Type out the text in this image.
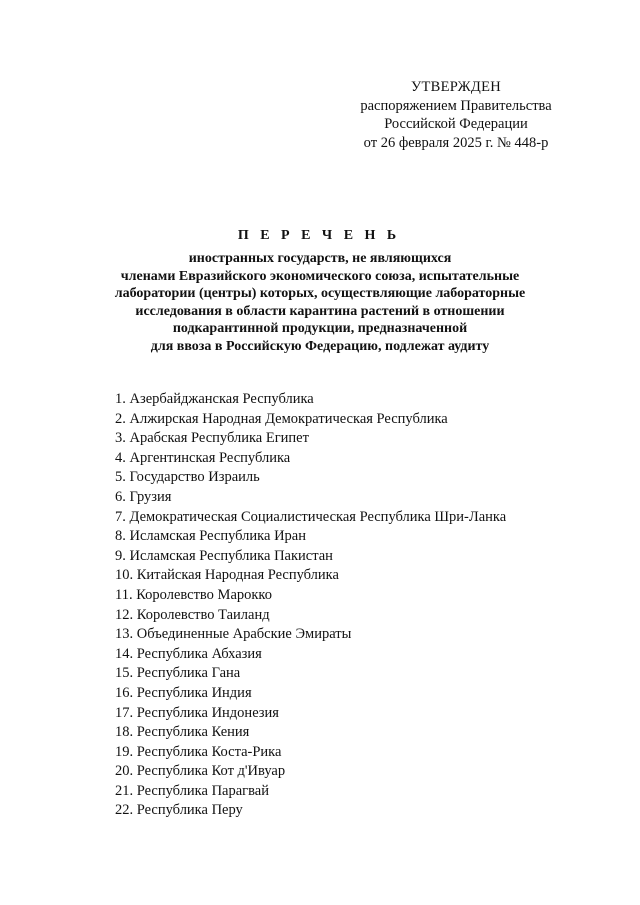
УТВЕРЖДЕН
распоряжением Правительства
Российской Федерации
от 26 февраля 2025 г. № 448-р
П Е Р Е Ч Е Н Ь
иностранных государств, не являющихся
членами Евразийского экономического союза, испытательные
лаборатории (центры) которых, осуществляющие лабораторные
исследования в области карантина растений в отношении
подкарантинной продукции, предназначенной
для ввоза в Российскую Федерацию, подлежат аудиту
1. Азербайджанская Республика
2. Алжирская Народная Демократическая Республика
3. Арабская Республика Египет
4. Аргентинская Республика
5. Государство Израиль
6. Грузия
7. Демократическая Социалистическая Республика Шри-Ланка
8. Исламская Республика Иран
9. Исламская Республика Пакистан
10. Китайская Народная Республика
11. Королевство Марокко
12. Королевство Таиланд
13. Объединенные Арабские Эмираты
14. Республика Абхазия
15. Республика Гана
16. Республика Индия
17. Республика Индонезия
18. Республика Кения
19. Республика Коста-Рика
20. Республика Кот д'Ивуар
21. Республика Парагвай
22. Республика Перу
